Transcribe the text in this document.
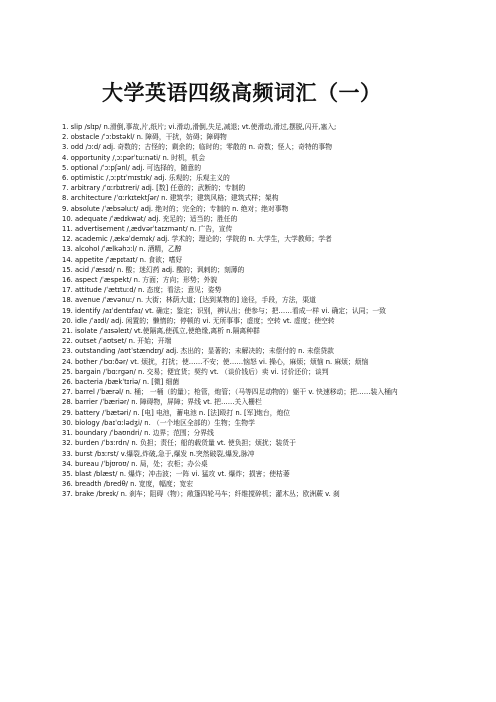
大学英语四级高频词汇（一）

1. slip /slɪp/ n.滑倒,事故,片,纸片; vi.滑动,滑倒,失足,减退; vt.使滑动,滑过,摆脱,闪开,塞入;

2. obstacle /ˈɔːbstəkl/ n. 障碍，干扰，妨碍；障碍物

3. odd /ɔːd/ adj. 奇数的；古怪的；剩余的；临时的；零散的 n. 奇数；怪人；奇特的事物

4. opportunity /ˌɔːpərˈtuːnəti/ n. 时机，机会

5. optional /ˈɔːpʃənl/ adj. 可选择的，随意的

6. optimistic /ˌɔːptɪˈmɪstɪk/ adj. 乐观的；乐观主义的

7. arbitrary /ˈɑːrbɪtreri/ adj. [数] 任意的；武断的；专制的

8. architecture /ˈɑːrkɪtektʃər/ n. 建筑学；建筑风格；建筑式样；架构

9. absolute /ˈæbsəluːt/ adj. 绝对的；完全的；专制的 n. 绝对；绝对事物

10. adequate /ˈædɪkwət/ adj. 充足的；适当的；胜任的

11. advertisement /ˌædvərˈtaɪzmənt/ n. 广告，宣传

12. academic /ˌækəˈdemɪk/ adj. 学术的；理论的；学院的 n. 大学生，大学教师；学者

13. alcohol /ˈælkəhɔːl/ n. 酒精，乙醇

14. appetite /ˈæpɪtaɪt/ n. 食欲；嗜好

15. acid /ˈæsɪd/ n. 酸；迷幻药 adj. 酸的；讽刺的；刻薄的

16. aspect /ˈæspekt/ n. 方面；方向；形势；外貌

17. attitude /ˈætɪtuːd/ n. 态度；看法；意见；姿势

18. avenue /ˈævənuː/ n. 大街；林荫大道；[达到某物的] 途径，手段，方法，渠道

19. identify /aɪˈdentɪfaɪ/ vt. 确定；鉴定；识别，辨认出；使参与；把……看成一样 vi. 确定；认同；一致

20. idle /ˈaɪdl/ adj. 闲置的；懒惰的；停顿的 vi. 无所事事；虚度；空转 vt. 虚度；使空转

21. isolate /ˈaɪsəleɪt/ vt.使隔离,使孤立,使绝缘,离析 n.隔离种群

22. outset /ˈaʊtset/ n. 开始；开端

23. outstanding /aʊtˈstændɪŋ/ adj. 杰出的；显著的；未解决的；未偿付的 n. 未偿贷款

24. bother /ˈbɑːðər/ vt. 烦扰，打扰；使……不安；使……恼怒 vi. 操心，麻烦；烦恼 n. 麻烦；烦恼

25. bargain /ˈbɑːrgən/ n. 交易；便宜货；契约 vt. （谈价钱后）卖 vi. 讨价还价；谈判

26. bacteria /bækˈtɪriə/ n. [微] 细菌

27. barrel /ˈbærəl/ n. 桶； 一桶（的量）；枪管，炮管；（马等四足动物的）躯干 v. 快速移动；把……装入桶内

28. barrier /ˈbæriər/ n. 障碍物，屏障；界线 vt. 把……关入栅栏

29. battery /ˈbætəri/ n. [电] 电池，蓄电池 n. [法]殴打 n. [军]炮台，炮位

30. biology /baɪˈɑːlədʒi/ n. （一个地区全部的）生物；生物学

31. boundary /ˈbaʊndri/ n. 边界；范围；分界线

32. burden /ˈbɜːrdn/ n. 负担；责任；船的载货量 vt. 使负担；烦扰；装货于

33. burst /bɜːrst/ v.爆裂,炸破,急于,爆发 n.突然破裂,爆发,脉冲

34. bureau /ˈbjʊroʊ/ n. 局，处；衣柜；办公桌

35. blast /blæst/ n. 爆炸；冲击波；一阵 vi. 猛攻 vt. 爆炸；损害；使枯萎

36. breadth /bredθ/ n. 宽度，幅度；宽宏

37. brake /breɪk/ n. 刹车；阻碍（物）；敞篷四轮马车；纤维搅碎机；灌木丛；欧洲蕨 v. 刹
